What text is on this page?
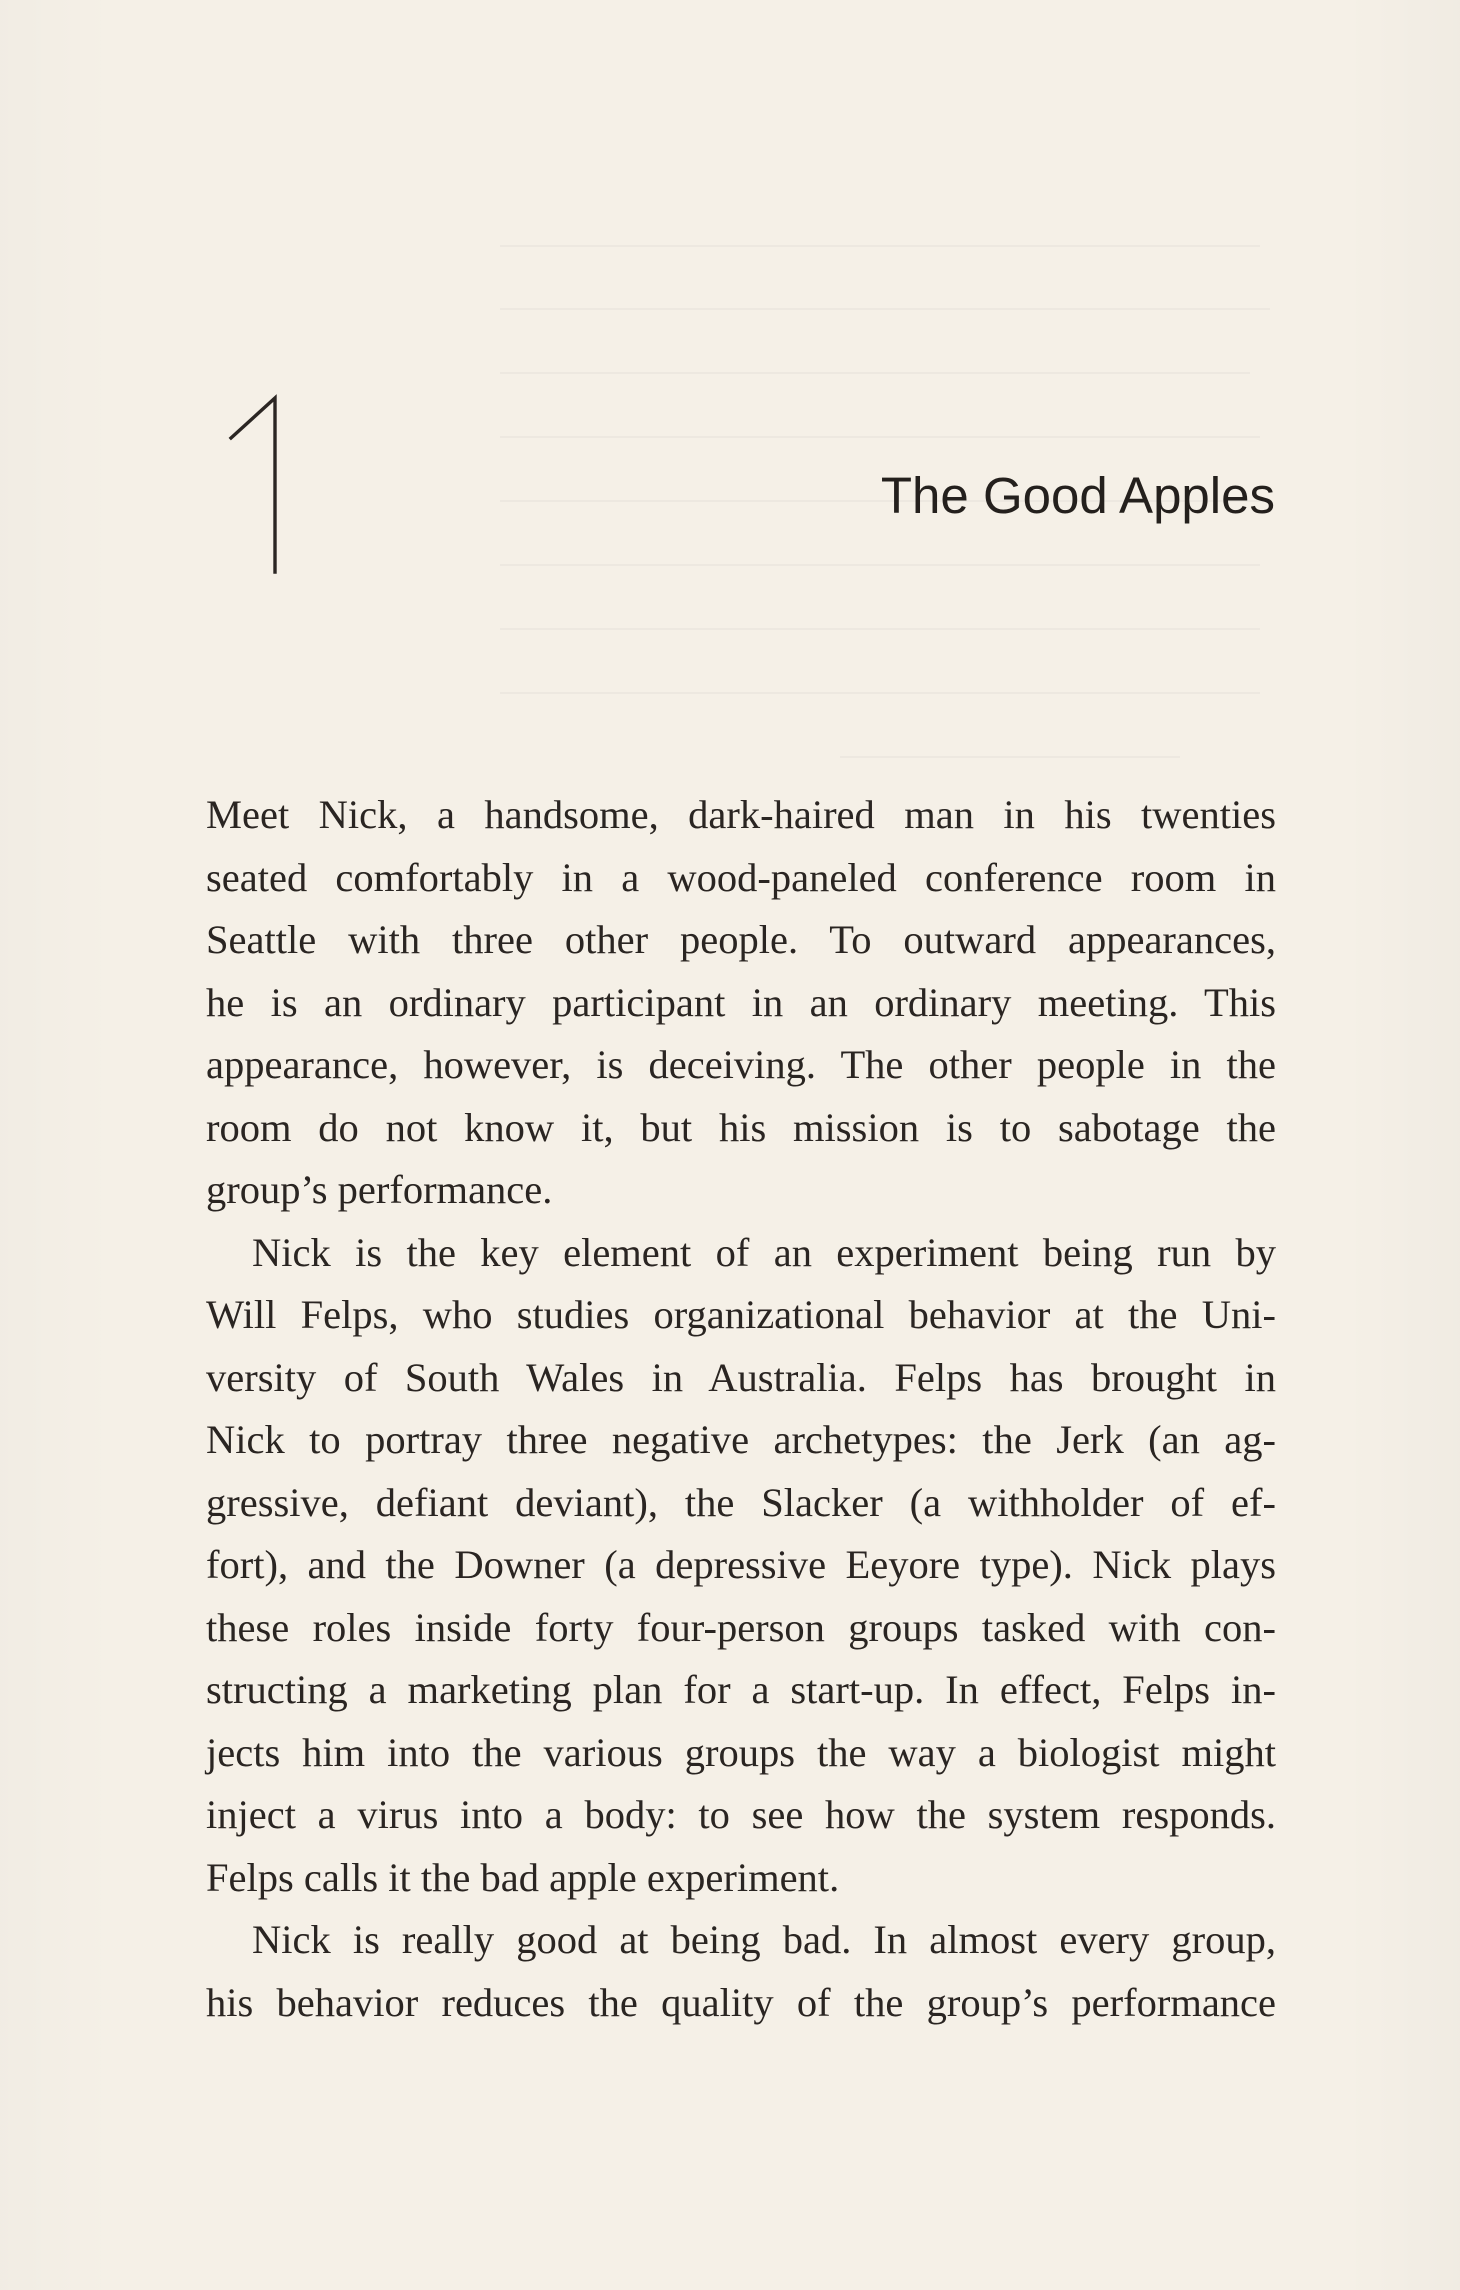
The Good Apples
Meet Nick, a handsome, dark-haired man in his twenties
seated comfortably in a wood-paneled conference room in
Seattle with three other people. To outward appearances,
he is an ordinary participant in an ordinary meeting. This
appearance, however, is deceiving. The other people in the
room do not know it, but his mission is to sabotage the
group’s performance.
Nick is the key element of an experiment being run by
Will Felps, who studies organizational behavior at the Uni-
versity of South Wales in Australia. Felps has brought in
Nick to portray three negative archetypes: the Jerk (an ag-
gressive, defiant deviant), the Slacker (a withholder of ef-
fort), and the Downer (a depressive Eeyore type). Nick plays
these roles inside forty four-person groups tasked with con-
structing a marketing plan for a start-up. In effect, Felps in-
jects him into the various groups the way a biologist might
inject a virus into a body: to see how the system responds.
Felps calls it the bad apple experiment.
Nick is really good at being bad. In almost every group,
his behavior reduces the quality of the group’s performance
